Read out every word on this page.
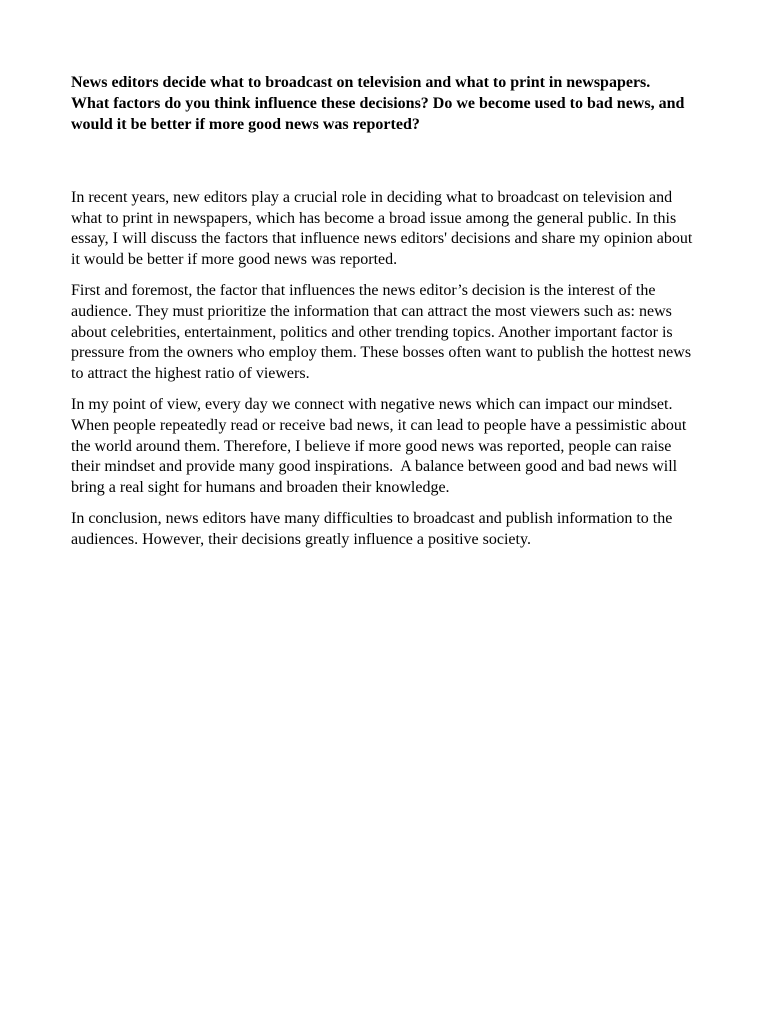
News editors decide what to broadcast on television and what to print in newspapers.
What factors do you think influence these decisions? Do we become used to bad news, and
would it be better if more good news was reported?

In recent years, new editors play a crucial role in deciding what to broadcast on television and what to print in newspapers, which has become a broad issue among the general public. In this essay, I will discuss the factors that influence news editors' decisions and share my opinion about it would be better if more good news was reported.

First and foremost, the factor that influences the news editor’s decision is the interest of the audience. They must prioritize the information that can attract the most viewers such as: news about celebrities, entertainment, politics and other trending topics. Another important factor is pressure from the owners who employ them. These bosses often want to publish the hottest news to attract the highest ratio of viewers.

In my point of view, every day we connect with negative news which can impact our mindset. When people repeatedly read or receive bad news, it can lead to people have a pessimistic about the world around them. Therefore, I believe if more good news was reported, people can raise their mindset and provide many good inspirations.  A balance between good and bad news will bring a real sight for humans and broaden their knowledge.

In conclusion, news editors have many difficulties to broadcast and publish information to the audiences. However, their decisions greatly influence a positive society.
